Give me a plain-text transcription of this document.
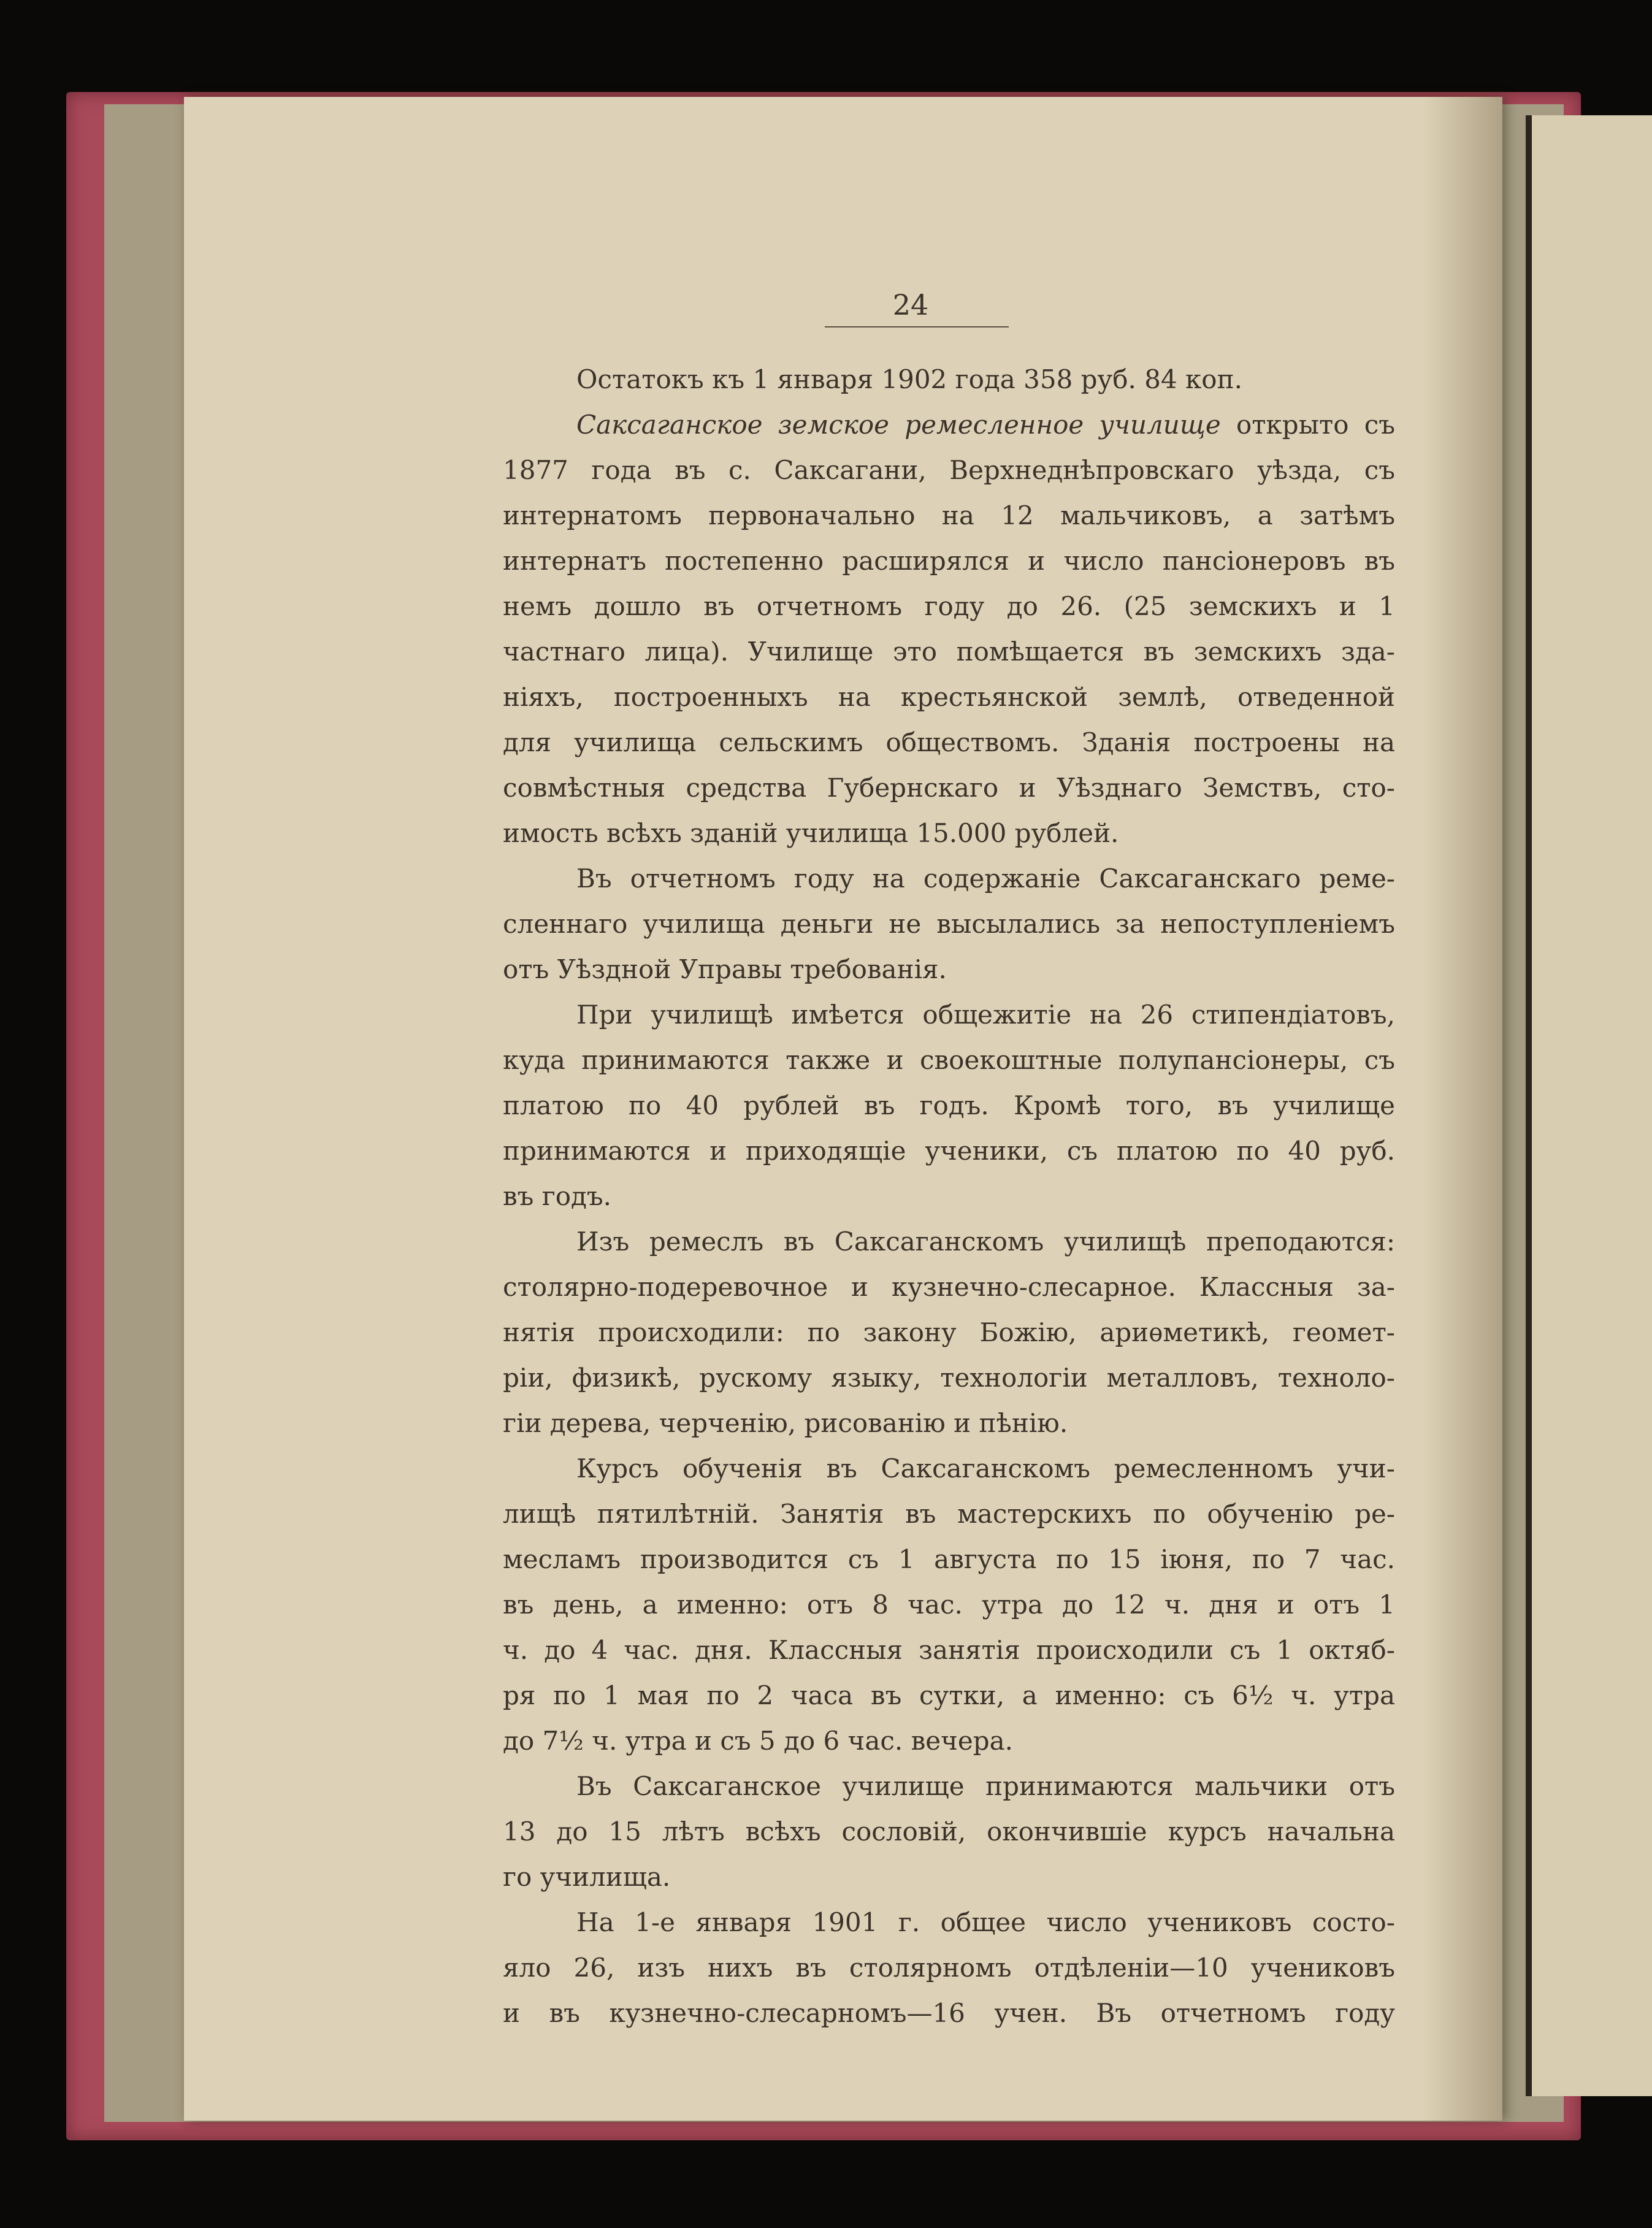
24
Остатокъ къ 1 января 1902 года 358 руб. 84 коп.
Саксаганское земское ремесленное училище открыто съ
1877 года въ с. Саксагани, Верхнеднѣпровскаго уѣзда, съ
интернатомъ первоначально на 12 мальчиковъ, а затѣмъ
интернатъ постепенно расширялся и число пансіонеровъ въ
немъ дошло въ отчетномъ году до 26. (25 земскихъ и 1
частнаго лица). Училище это помѣщается въ земскихъ зда-
ніяхъ, построенныхъ на крестьянской землѣ, отведенной
для училища сельскимъ обществомъ. Зданія построены на
совмѣстныя средства Губернскаго и Уѣзднаго Земствъ, сто-
имость всѣхъ зданій училища 15.000 рублей.
Въ отчетномъ году на содержаніе Саксаганскаго реме-
сленнаго училища деньги не высылались за непоступленіемъ
отъ Уѣздной Управы требованія.
При училищѣ имѣется общежитіе на 26 стипендіатовъ,
куда принимаются также и своекоштные полупансіонеры, съ
платою по 40 рублей въ годъ. Кромѣ того, въ училище
принимаются и приходящіе ученики, съ платою по 40 руб.
въ годъ.
Изъ ремеслъ въ Саксаганскомъ училищѣ преподаются:
столярно-подеревочное и кузнечно-слесарное. Классныя за-
нятія происходили: по закону Божію, ариѳметикѣ, геомет-
ріи, физикѣ, рускому языку, технологіи металловъ, техноло-
гіи дерева, черченію, рисованію и пѣнію.
Курсъ обученія въ Саксаганскомъ ремесленномъ учи-
лищѣ пятилѣтній. Занятія въ мастерскихъ по обученію ре-
месламъ производится съ 1 августа по 15 іюня, по 7 час.
въ день, а именно: отъ 8 час. утра до 12 ч. дня и отъ 1
ч. до 4 час. дня. Классныя занятія происходили съ 1 октяб-
ря по 1 мая по 2 часа въ сутки, а именно: съ 6½ ч. утра
до 7½ ч. утра и съ 5 до 6 час. вечера.
Въ Саксаганское училище принимаются мальчики отъ
13 до 15 лѣтъ всѣхъ сословій, окончившіе курсъ начальна
го училища.
На 1-е января 1901 г. общее число учениковъ состо-
яло 26, изъ нихъ въ столярномъ отдѣленіи—10 учениковъ
и въ кузнечно-слесарномъ—16 учен. Въ отчетномъ году
